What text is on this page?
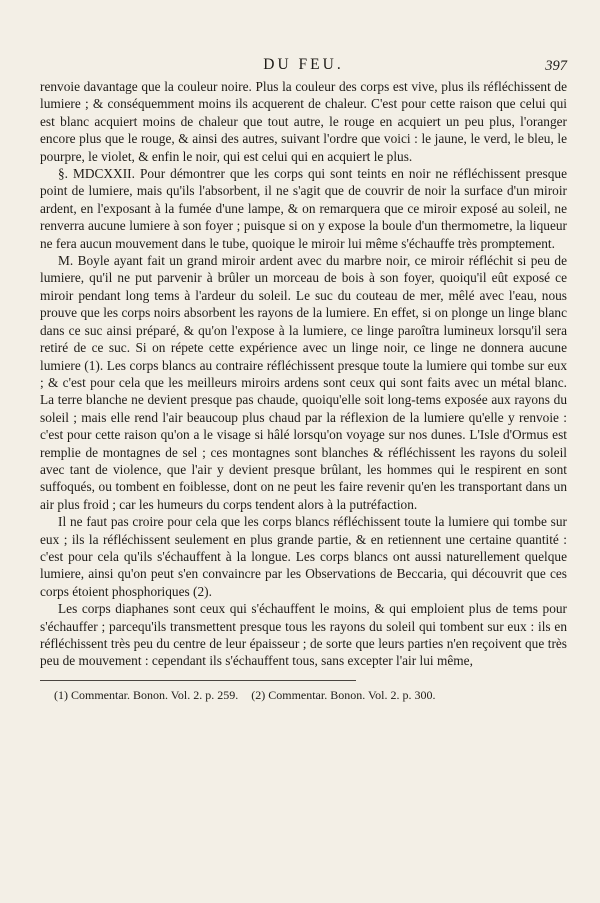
DU FEU.	397

renvoie davantage que la couleur noire. Plus la couleur des corps est vive, plus ils réfléchissent de lumiere ; & conséquemment moins ils acquerent de chaleur. C'est pour cette raison que celui qui est blanc acquiert moins de chaleur que tout autre, le rouge en acquiert un peu plus, l'oranger encore plus que le rouge, & ainsi des autres, suivant l'ordre que voici : le jaune, le verd, le bleu, le pourpre, le violet, & enfin le noir, qui est celui qui en acquiert le plus.

§. MDCXXII. Pour démontrer que les corps qui sont teints en noir ne réfléchissent presque point de lumiere, mais qu'ils l'absorbent, il ne s'agit que de couvrir de noir la surface d'un miroir ardent, en l'exposant à la fumée d'une lampe, & on remarquera que ce miroir exposé au soleil, ne renverra aucune lumiere à son foyer ; puisque si on y expose la boule d'un thermometre, la liqueur ne fera aucun mouvement dans le tube, quoique le miroir lui même s'échauffe très promptement.

M. Boyle ayant fait un grand miroir ardent avec du marbre noir, ce miroir réfléchit si peu de lumiere, qu'il ne put parvenir à brûler un morceau de bois à son foyer, quoiqu'il eût exposé ce miroir pendant long tems à l'ardeur du soleil. Le suc du couteau de mer, mêlé avec l'eau, nous prouve que les corps noirs absorbent les rayons de la lumiere. En effet, si on plonge un linge blanc dans ce suc ainsi préparé, & qu'on l'expose à la lumiere, ce linge paroîtra lumineux lorsqu'il sera retiré de ce suc. Si on répete cette expérience avec un linge noir, ce linge ne donnera aucune lumiere (1). Les corps blancs au contraire réfléchissent presque toute la lumiere qui tombe sur eux ; & c'est pour cela que les meilleurs miroirs ardens sont ceux qui sont faits avec un métal blanc. La terre blanche ne devient presque pas chaude, quoiqu'elle soit long-tems exposée aux rayons du soleil ; mais elle rend l'air beaucoup plus chaud par la réflexion de la lumiere qu'elle y renvoie : c'est pour cette raison qu'on a le visage si hâlé lorsqu'on voyage sur nos dunes. L'Isle d'Ormus est remplie de montagnes de sel ; ces montagnes sont blanches & réfléchissent les rayons du soleil avec tant de violence, que l'air y devient presque brûlant, les hommes qui le respirent en sont suffoqués, ou tombent en foiblesse, dont on ne peut les faire revenir qu'en les transportant dans un air plus froid ; car les humeurs du corps tendent alors à la putréfaction.

Il ne faut pas croire pour cela que les corps blancs réfléchissent toute la lumiere qui tombe sur eux ; ils la réfléchissent seulement en plus grande partie, & en retiennent une certaine quantité : c'est pour cela qu'ils s'échauffent à la longue. Les corps blancs ont aussi naturellement quelque lumiere, ainsi qu'on peut s'en convaincre par les Observations de Beccaria, qui découvrit que ces corps étoient phosphoriques (2).

Les corps diaphanes sont ceux qui s'échauffent le moins, & qui emploient plus de tems pour s'échauffer ; parcequ'ils transmettent presque tous les rayons du soleil qui tombent sur eux : ils en réfléchissent très peu du centre de leur épaisseur ; de sorte que leurs parties n'en reçoivent que très peu de mouvement : cependant ils s'échauffent tous, sans excepter l'air lui même,

(1) Commentar. Bonon. Vol. 2. p. 259. (2) Commentar. Bonon. Vol. 2. p. 300.
